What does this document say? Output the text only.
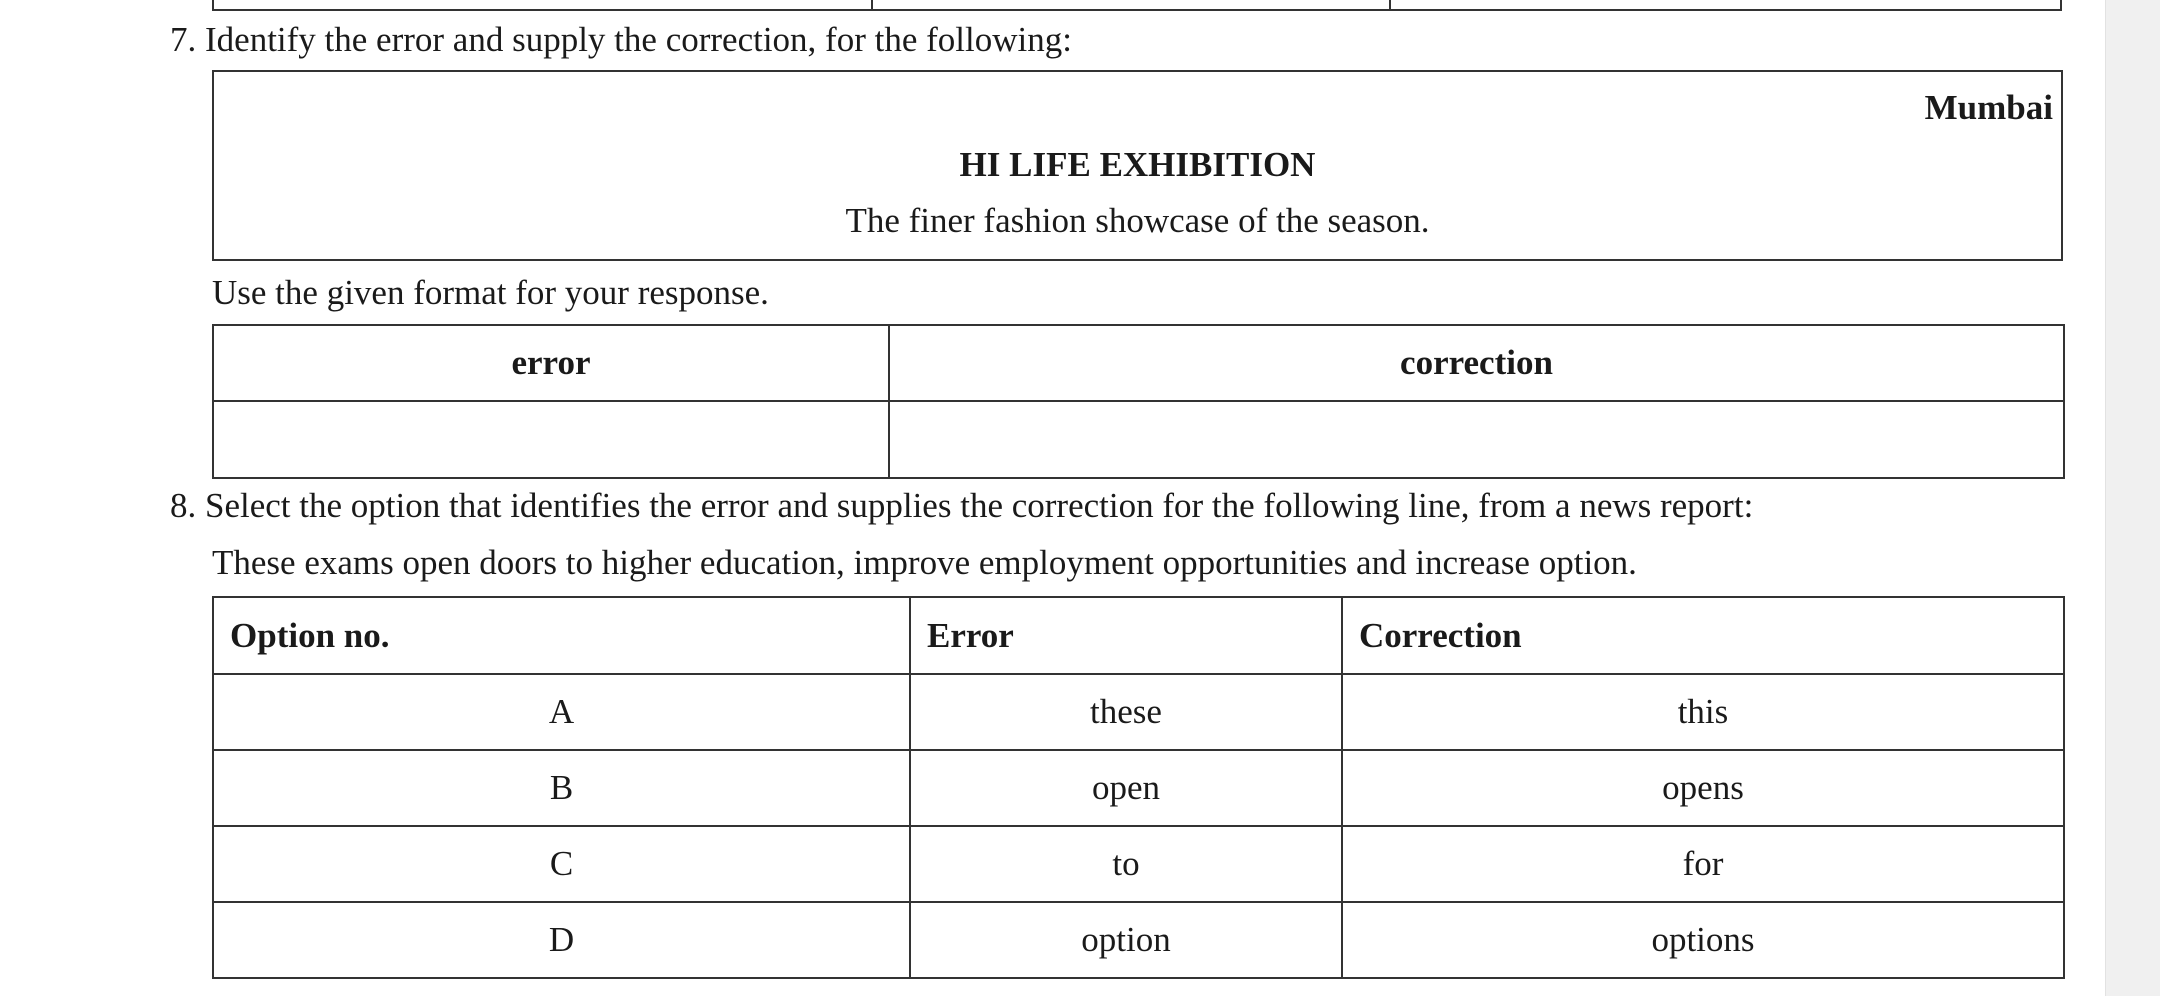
7. Identify the error and supply the correction, for the following:
Mumbai
HI LIFE EXHIBITION
The finer fashion showcase of the season.
Use the given format for your response.
error	correction

8. Select the option that identifies the error and supplies the correction for the following line, from a news report:
These exams open doors to higher education, improve employment opportunities and increase option.
Option no.	Error	Correction
A	these	this
B	open	opens
C	to	for
D	option	options
